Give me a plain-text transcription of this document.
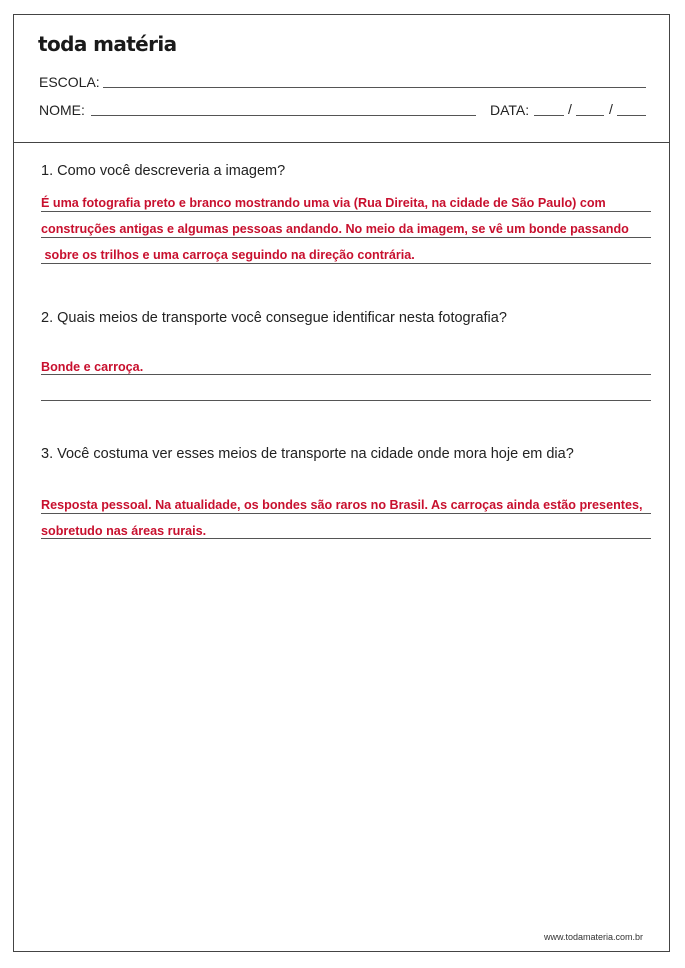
toda matéria
ESCOLA:
NOME:	DATA:	/	/
1. Como você descreveria a imagem?
É uma fotografia preto e branco mostrando uma via (Rua Direita, na cidade de São Paulo) com
construções antigas e algumas pessoas andando. No meio da imagem, se vê um bonde passando
sobre os trilhos e uma carroça seguindo na direção contrária.
2. Quais meios de transporte você consegue identificar nesta fotografia?
Bonde e carroça.
3. Você costuma ver esses meios de transporte na cidade onde mora hoje em dia?
Resposta pessoal. Na atualidade, os bondes são raros no Brasil. As carroças ainda estão presentes,
sobretudo nas áreas rurais.
www.todamateria.com.br
